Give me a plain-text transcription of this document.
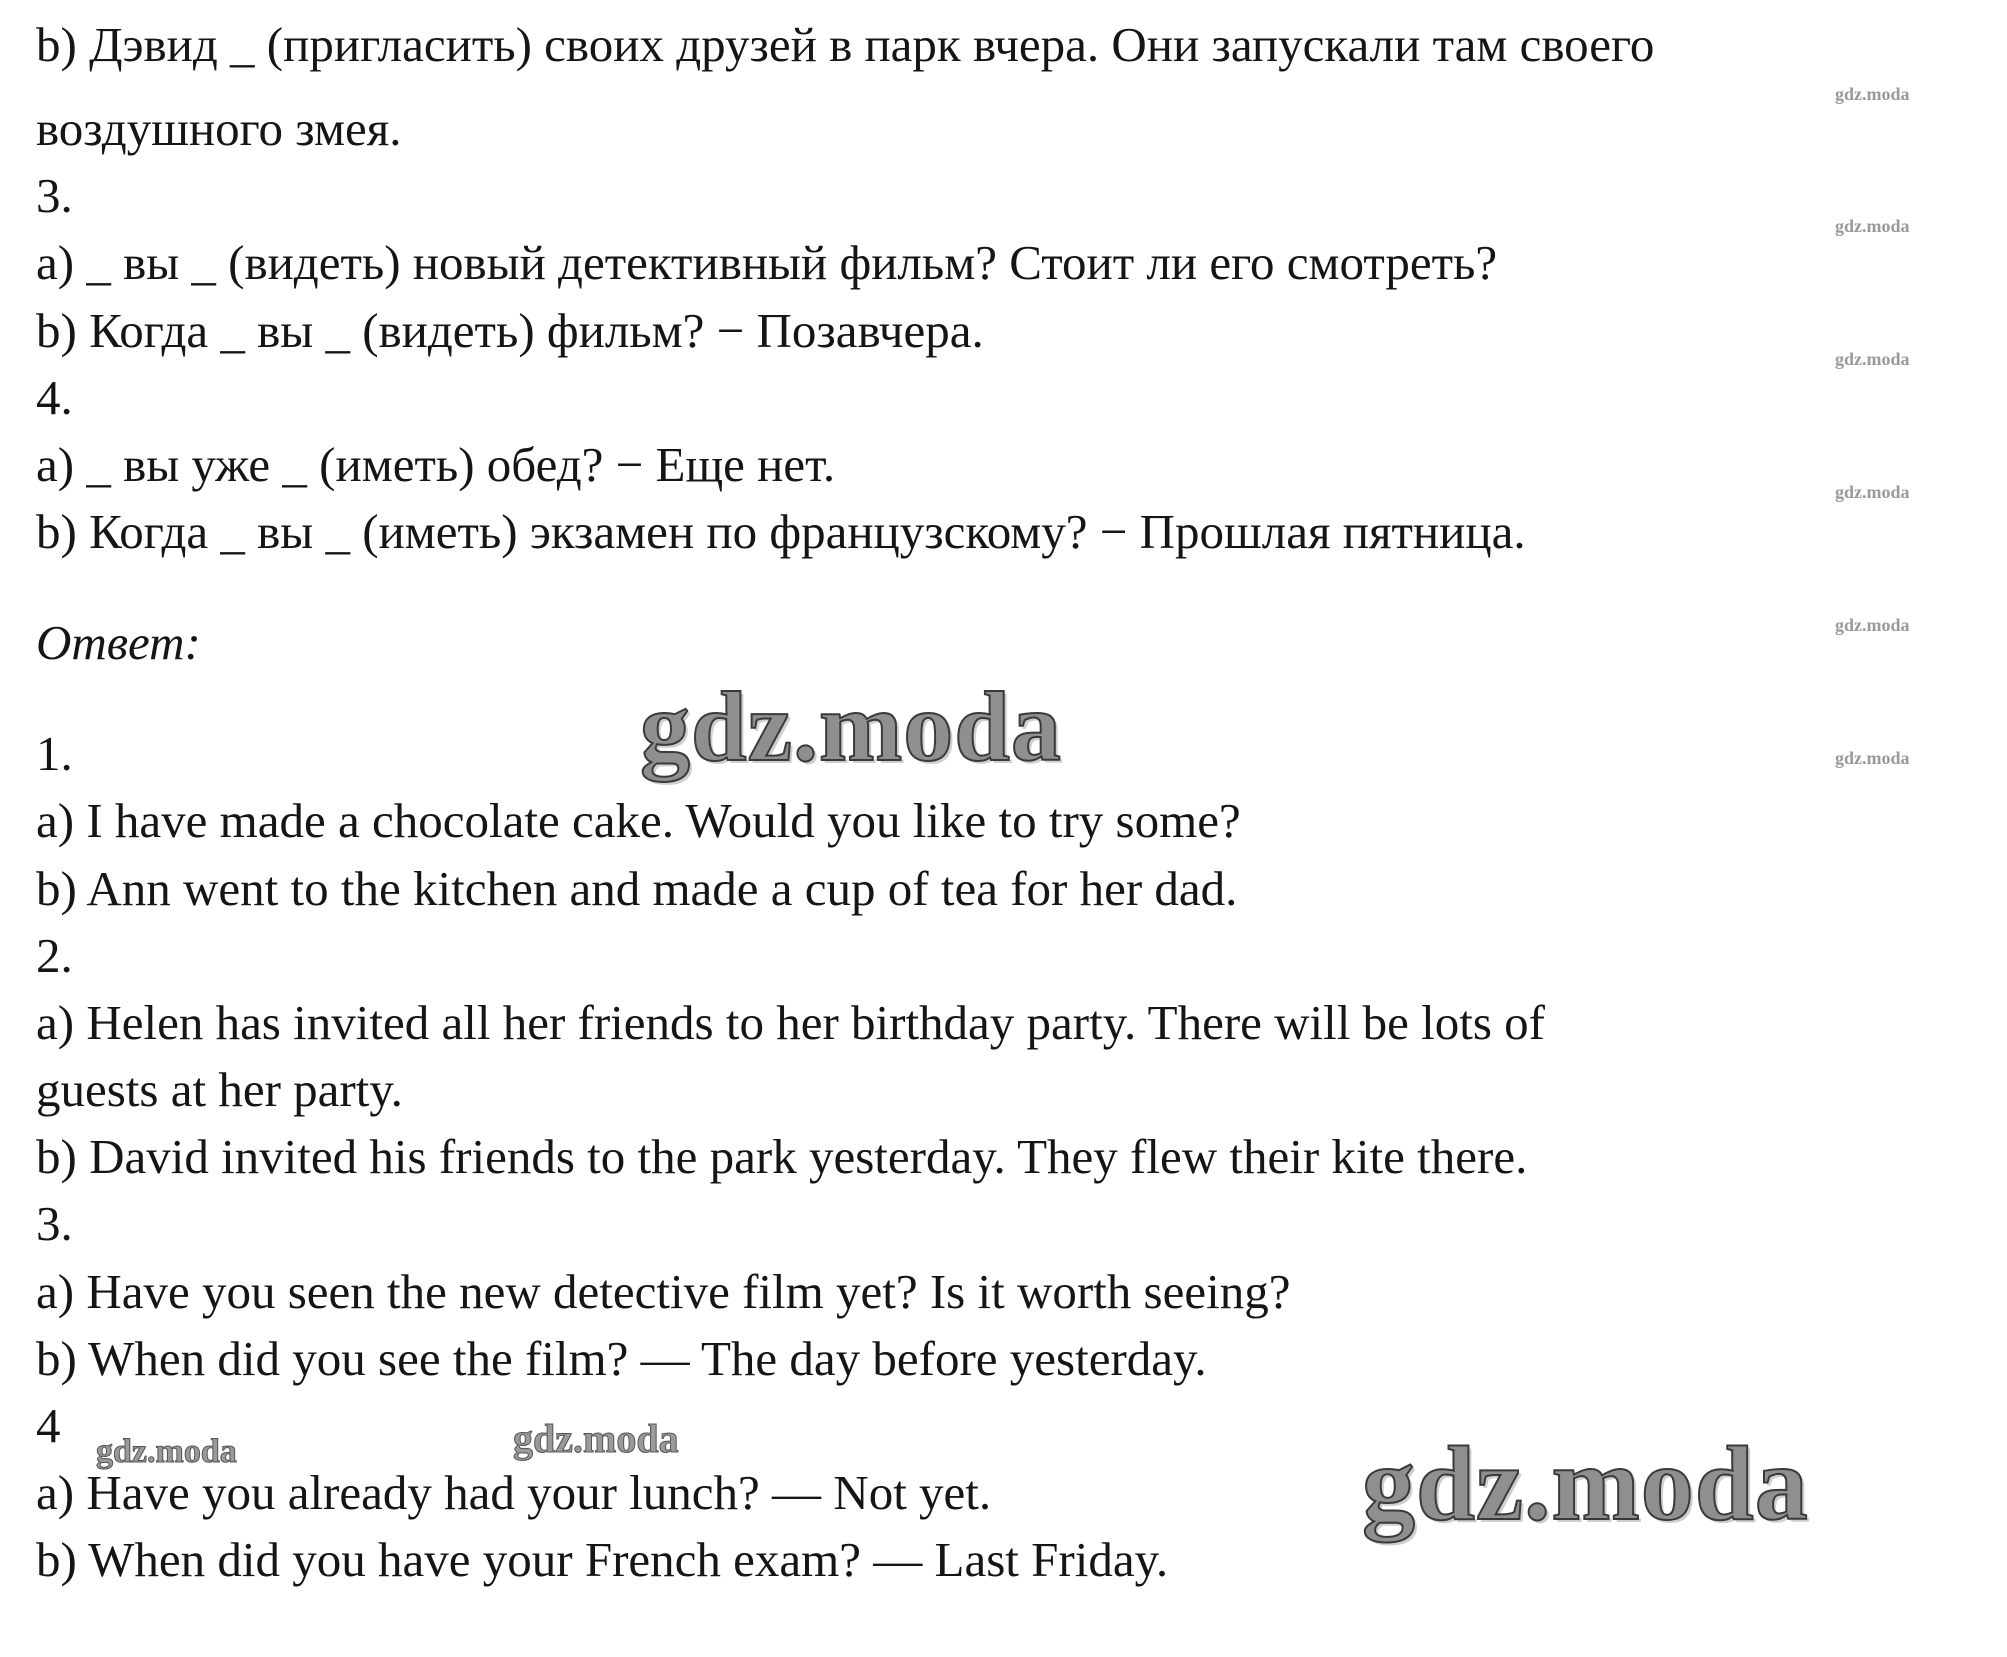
b) Дэвид _ (пригласить) своих друзей в парк вчера. Они запускали там своего
воздушного змея.
3.
а) _ вы _ (видеть) новый детективный фильм? Стоит ли его смотреть?
b) Когда _ вы _ (видеть) фильм? − Позавчера.
4.
а) _ вы уже _ (иметь) обед? − Еще нет.
b) Когда _ вы _ (иметь) экзамен по французскому? − Прошлая пятница.
Ответ:
1.
a) I have made a chocolate cake. Would you like to try some?
b) Ann went to the kitchen and made a cup of tea for her dad.
2.
a) Helen has invited all her friends to her birthday party. There will be lots of
guests at her party.
b) David invited his friends to the park yesterday. They flew their kite there.
3.
a) Have you seen the new detective film yet? Is it worth seeing?
b) When did you see the film? — The day before yesterday.
4
a) Have you already had your lunch? — Not yet.
b) When did you have your French exam? — Last Friday.
gdz.moda
gdz.moda
gdz.moda
gdz.moda
gdz.moda
gdz.moda
gdz.moda
gdz.moda
gdz.moda
gdz.moda
